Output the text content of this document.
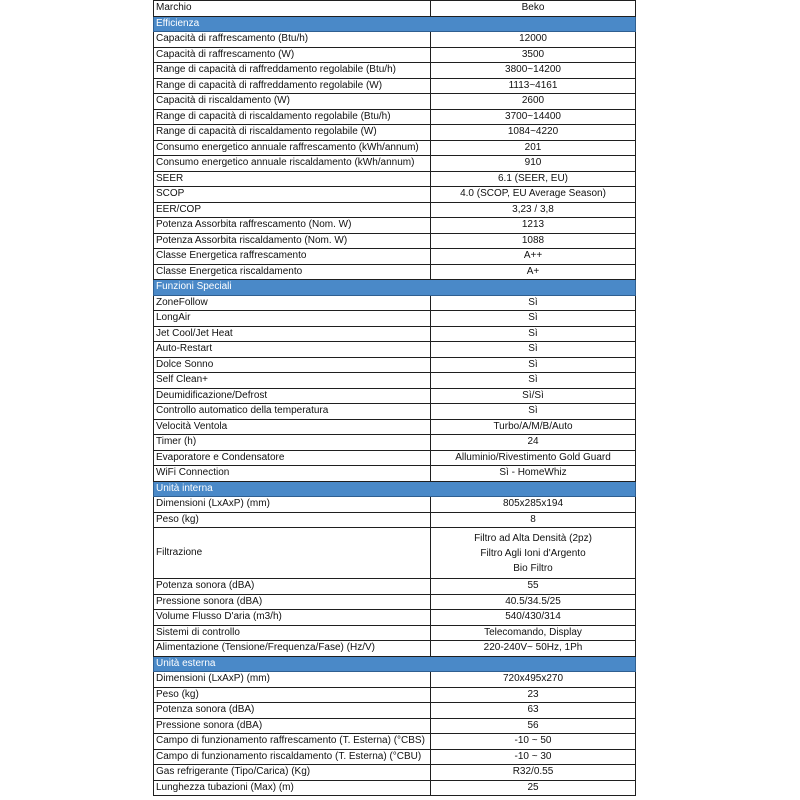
Marchio	Beko
Efficienza	
Capacità di raffrescamento (Btu/h)	12000
Capacità di raffrescamento (W)	3500
Range di capacità di raffreddamento regolabile (Btu/h)	3800~14200
Range di capacità di raffreddamento regolabile (W)	1113~4161
Capacità di riscaldamento (W)	2600
Range di capacità di riscaldamento regolabile (Btu/h)	3700~14400
Range di capacità di riscaldamento regolabile (W)	1084~4220
Consumo energetico annuale raffrescamento (kWh/annum)	201
Consumo energetico annuale riscaldamento (kWh/annum)	910
SEER	6.1 (SEER, EU)
SCOP	4.0 (SCOP, EU Average Season)
EER/COP	3,23 / 3,8
Potenza Assorbita raffrescamento (Nom. W)	1213
Potenza Assorbita riscaldamento (Nom. W)	1088
Classe Energetica raffrescamento	A++
Classe Energetica riscaldamento	A+
Funzioni Speciali	
ZoneFollow	Sì
LongAir	Sì
Jet Cool/Jet Heat	Sì
Auto-Restart	Sì
Dolce Sonno	Sì
Self Clean+	Sì
Deumidificazione/Defrost	Sì/Sì
Controllo automatico della temperatura	Sì
Velocità Ventola	Turbo/A/M/B/Auto
Timer (h)	24
Evaporatore e Condensatore	Alluminio/Rivestimento Gold Guard
WiFi Connection	Sì - HomeWhiz
Unità interna	
Dimensioni (LxAxP) (mm)	805x285x194
Peso (kg)	8
Filtrazione	Filtro ad Alta Densità (2pz)
Filtro Agli Ioni d'Argento
Bio Filtro

Potenza sonora (dBA)	55
Pressione sonora (dBA)	40.5/34.5/25
Volume Flusso D'aria (m3/h)	540/430/314
Sistemi di controllo	Telecomando, Display
Alimentazione (Tensione/Frequenza/Fase) (Hz/V)	220-240V~ 50Hz, 1Ph
Unità esterna	
Dimensioni (LxAxP) (mm)	720x495x270
Peso (kg)	23
Potenza sonora (dBA)	63
Pressione sonora (dBA)	56
Campo di funzionamento raffrescamento (T. Esterna) (°CBS)	-10 ~ 50
Campo di funzionamento riscaldamento (T. Esterna) (°CBU)	-10 ~ 30
Gas refrigerante (Tipo/Carica) (Kg)	R32/0.55
Lunghezza tubazioni (Max) (m)	25
